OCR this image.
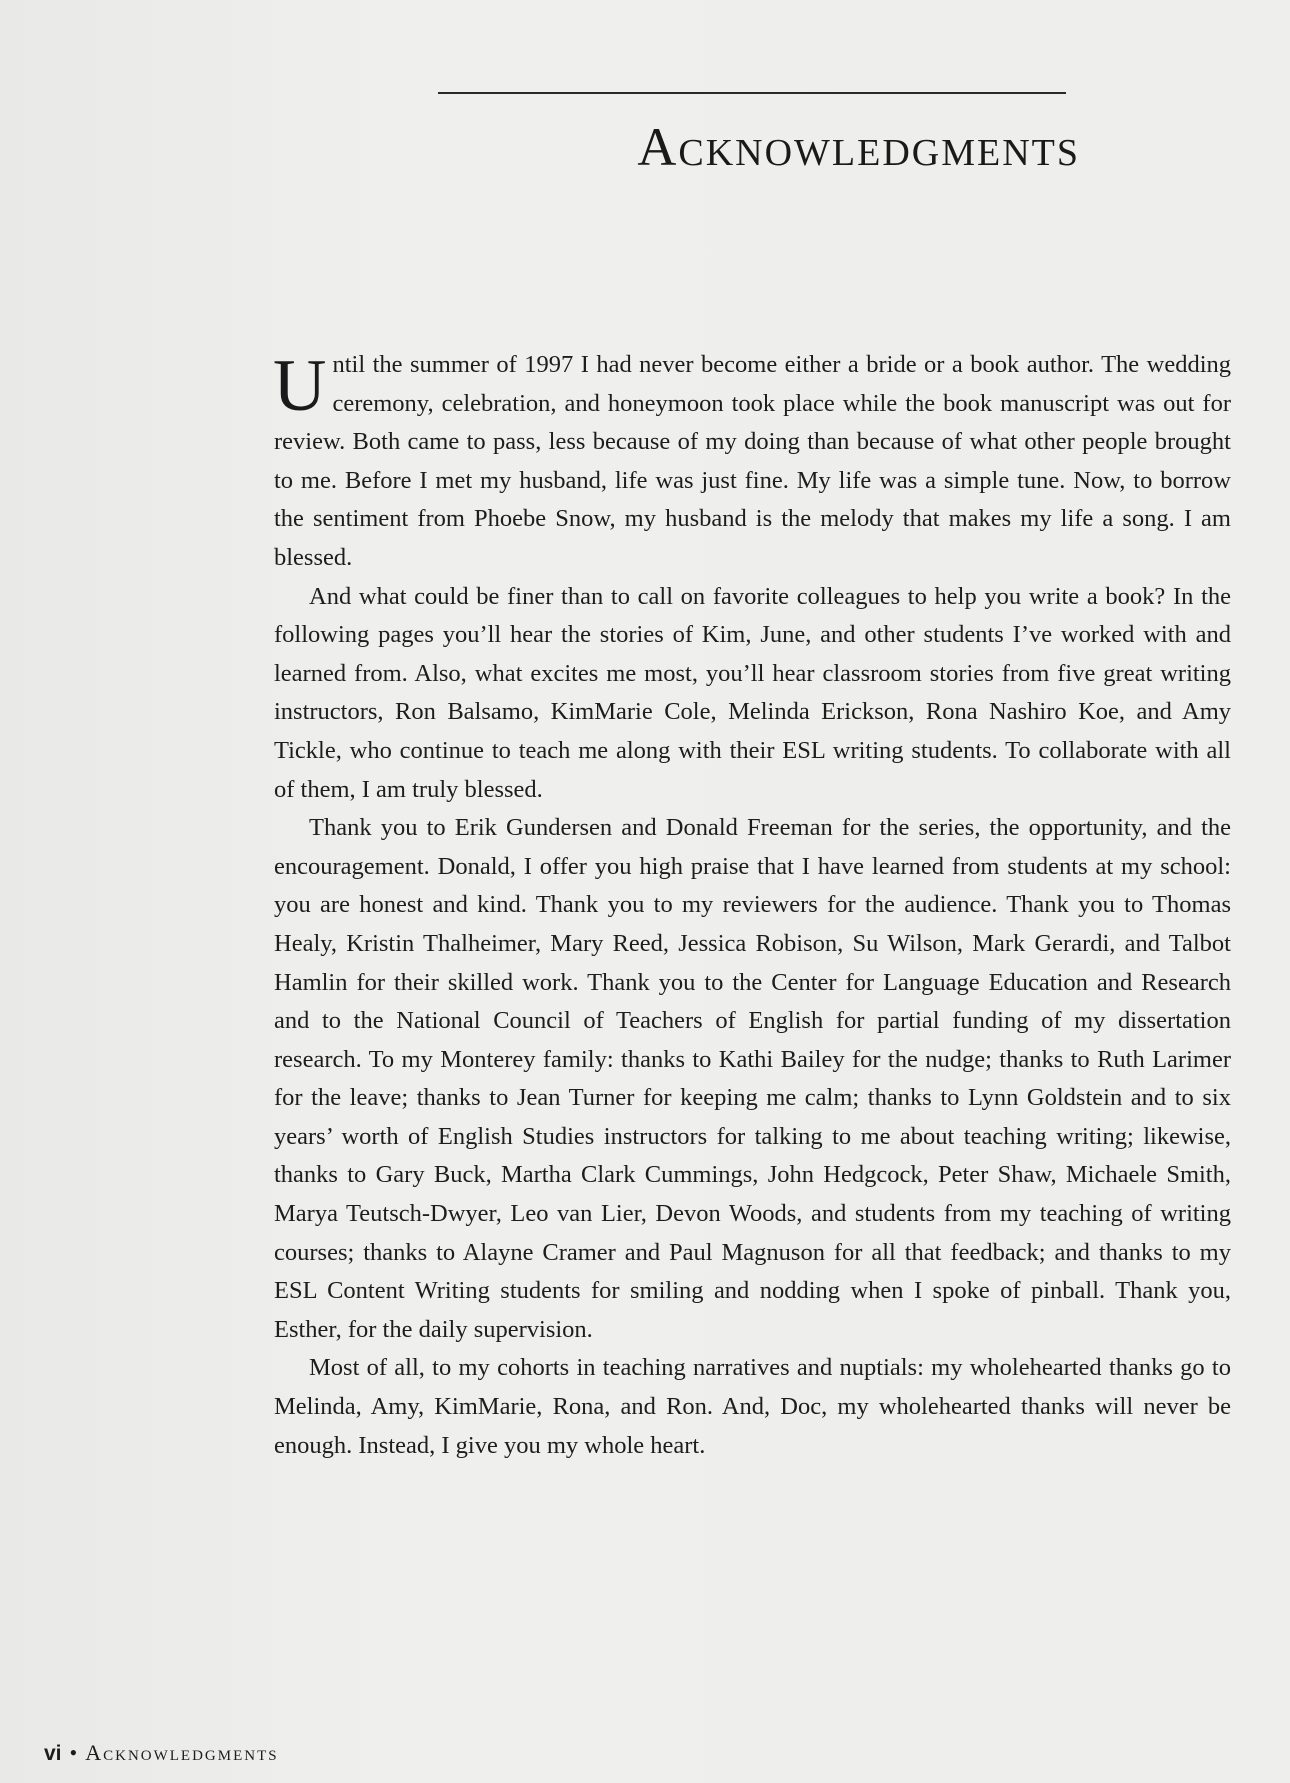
Acknowledgments

Until the summer of 1997 I had never become either a bride or a book author. The wedding ceremony, celebration, and honeymoon took place while the book manuscript was out for review. Both came to pass, less because of my doing than because of what other people brought to me. Before I met my husband, life was just fine. My life was a simple tune. Now, to borrow the sentiment from Phoebe Snow, my husband is the melody that makes my life a song. I am blessed.

And what could be finer than to call on favorite colleagues to help you write a book? In the following pages you’ll hear the stories of Kim, June, and other students I’ve worked with and learned from. Also, what excites me most, you’ll hear classroom stories from five great writing instructors, Ron Balsamo, KimMarie Cole, Melinda Erickson, Rona Nashiro Koe, and Amy Tickle, who continue to teach me along with their ESL writing students. To collaborate with all of them, I am truly blessed.

Thank you to Erik Gundersen and Donald Freeman for the series, the opportunity, and the encouragement. Donald, I offer you high praise that I have learned from students at my school: you are honest and kind. Thank you to my reviewers for the audience. Thank you to Thomas Healy, Kristin Thalheimer, Mary Reed, Jessica Robison, Su Wilson, Mark Gerardi, and Talbot Hamlin for their skilled work. Thank you to the Center for Language Education and Research and to the National Council of Teachers of English for partial funding of my dissertation research. To my Monterey family: thanks to Kathi Bailey for the nudge; thanks to Ruth Larimer for the leave; thanks to Jean Turner for keeping me calm; thanks to Lynn Goldstein and to six years’ worth of English Studies instructors for talking to me about teaching writing; likewise, thanks to Gary Buck, Martha Clark Cummings, John Hedgcock, Peter Shaw, Michaele Smith, Marya Teutsch-Dwyer, Leo van Lier, Devon Woods, and students from my teaching of writing courses; thanks to Alayne Cramer and Paul Magnuson for all that feedback; and thanks to my ESL Content Writing students for smiling and nodding when I spoke of pinball. Thank you, Esther, for the daily supervision.

Most of all, to my cohorts in teaching narratives and nuptials: my wholehearted thanks go to Melinda, Amy, KimMarie, Rona, and Ron. And, Doc, my wholehearted thanks will never be enough. Instead, I give you my whole heart.

vi • Acknowledgments
